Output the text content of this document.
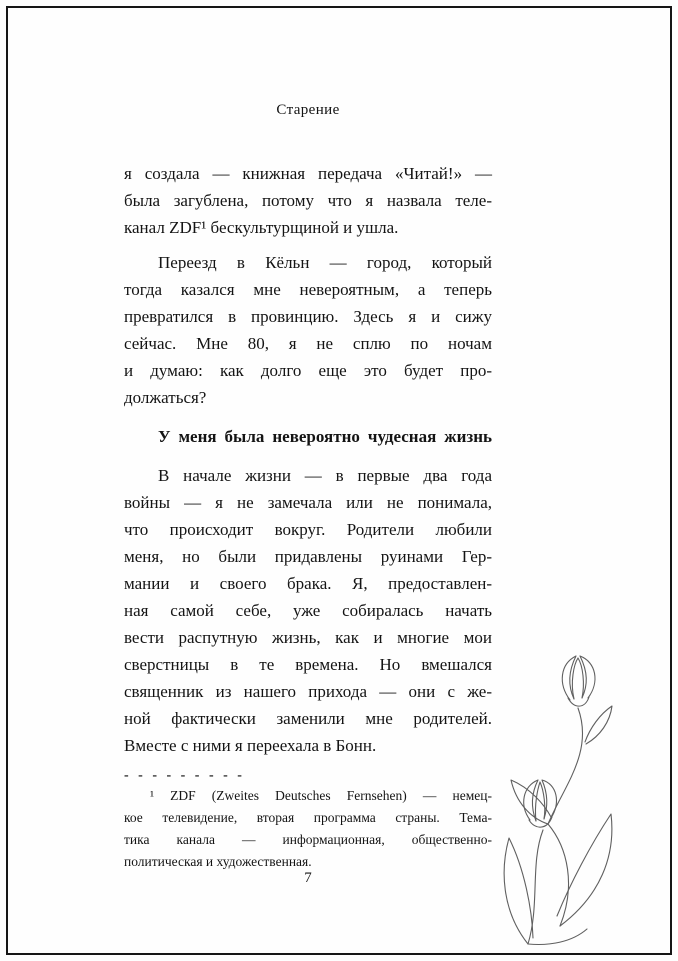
Старение
я создала — книжная передача «Читай!» —
была загублена, потому что я назвала теле-
канал ZDF¹ бескультурщиной и ушла.
Переезд в Кёльн — город, который
тогда казался мне невероятным, а теперь
превратился в провинцию. Здесь я и сижу
сейчас. Мне 80, я не сплю по ночам
и думаю: как долго еще это будет про-
должаться?
У меня была невероятно чудесная жизнь
В начале жизни — в первые два года
войны — я не замечала или не понимала,
что происходит вокруг. Родители любили
меня, но были придавлены руинами Гер-
мании и своего брака. Я, предоставлен-
ная самой себе, уже собиралась начать
вести распутную жизнь, как и многие мои
сверстницы в те времена. Но вмешался
священник из нашего прихода — они с же-
ной фактически заменили мне родителей.
Вместе с ними я переехала в Бонн.
- - - - - - - - -
¹ ZDF (Zweites Deutsches Fernsehen) — немец-
кое телевидение, вторая программа страны. Тема-
тика канала — информационная, общественно-
политическая и художественная.
7
